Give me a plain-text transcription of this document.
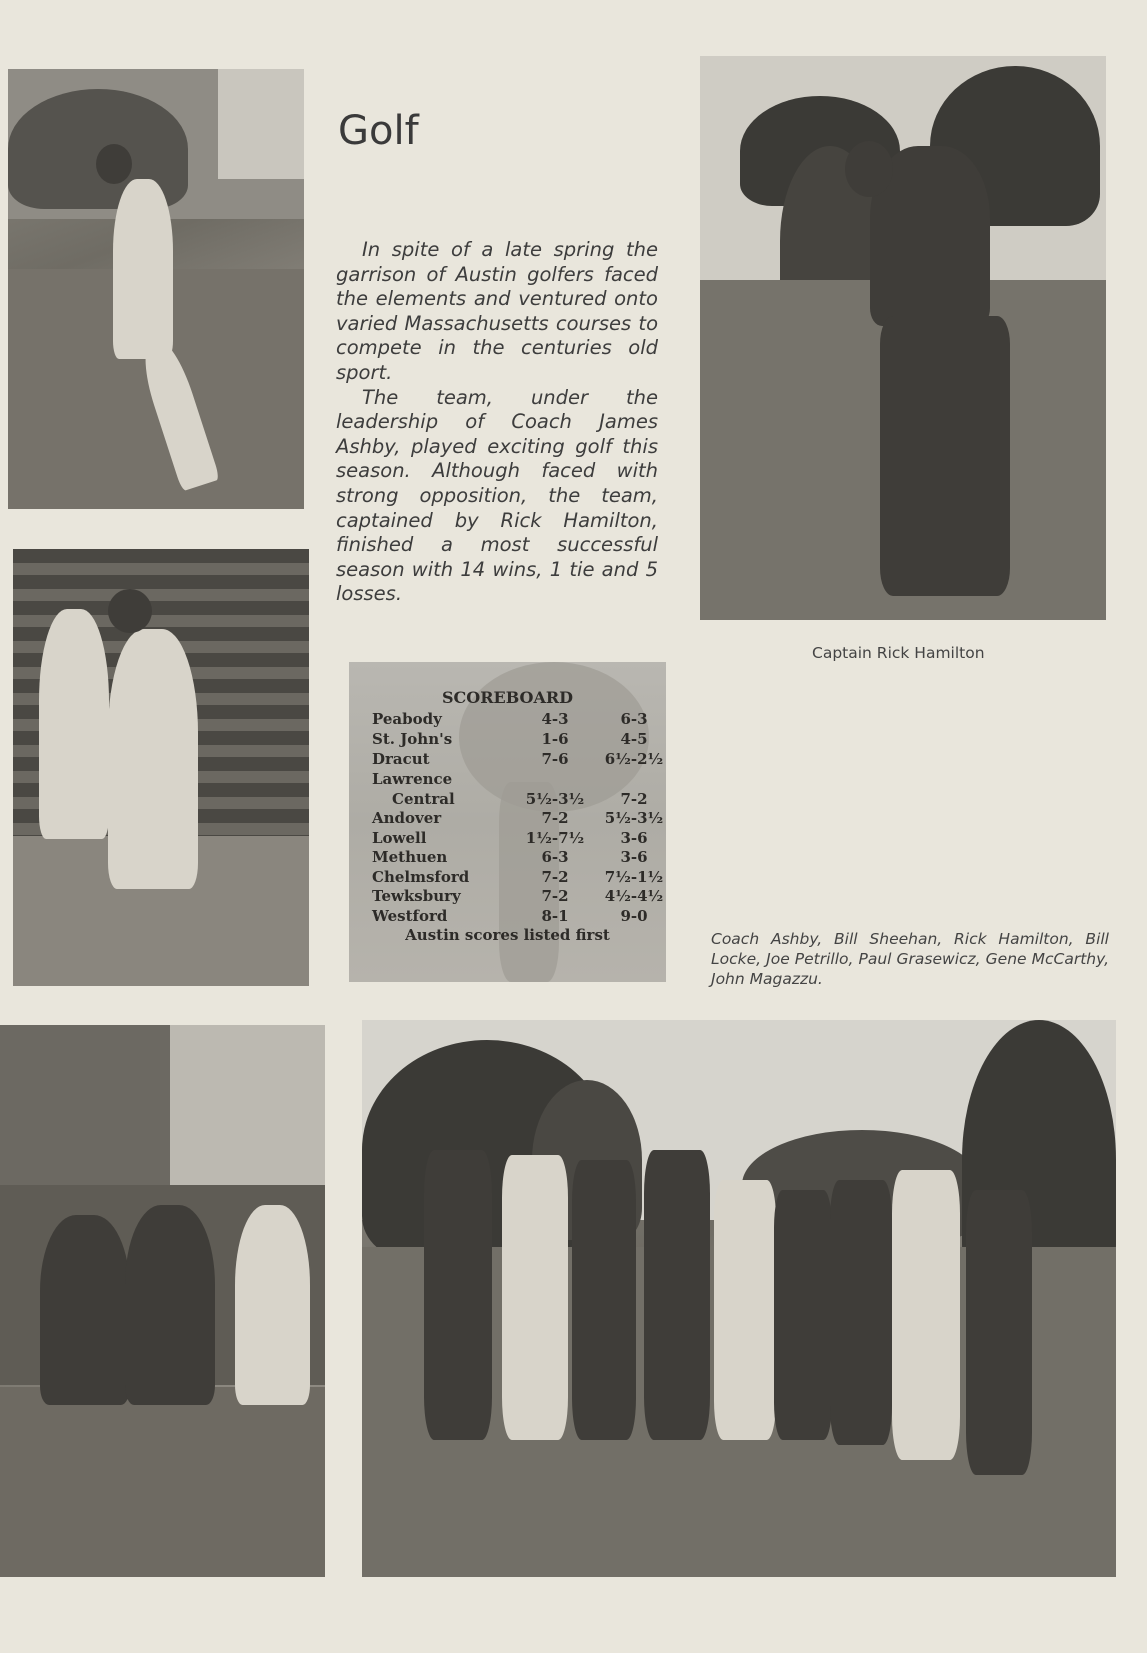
Golf

In spite of a late spring the garrison of Austin golfers faced the elements and ventured onto varied Massachusetts courses to compete in the centuries old sport.

The team, under the leadership of Coach James Ashby, played exciting golf this season. Although faced with strong opposition, the team, captained by Rick Hamilton, finished a most successful season with 14 wins, 1 tie and 5 losses.

SCOREBOARD
Peabody	4-3	6-3
St. John's	1-6	4-5
Dracut	7-6	6½-2½
Lawrence
Central	5½-3½	7-2
Andover	7-2	5½-3½
Lowell	1½-7½	3-6
Methuen	6-3	3-6
Chelmsford	7-2	7½-1½
Tewksbury	7-2	4½-4½
Westford	8-1	9-0
Austin scores listed first
Captain Rick Hamilton
Coach Ashby, Bill Sheehan, Rick Hamilton, Bill Locke, Joe Petrillo, Paul Grasewicz, Gene McCarthy, John Magazzu.
